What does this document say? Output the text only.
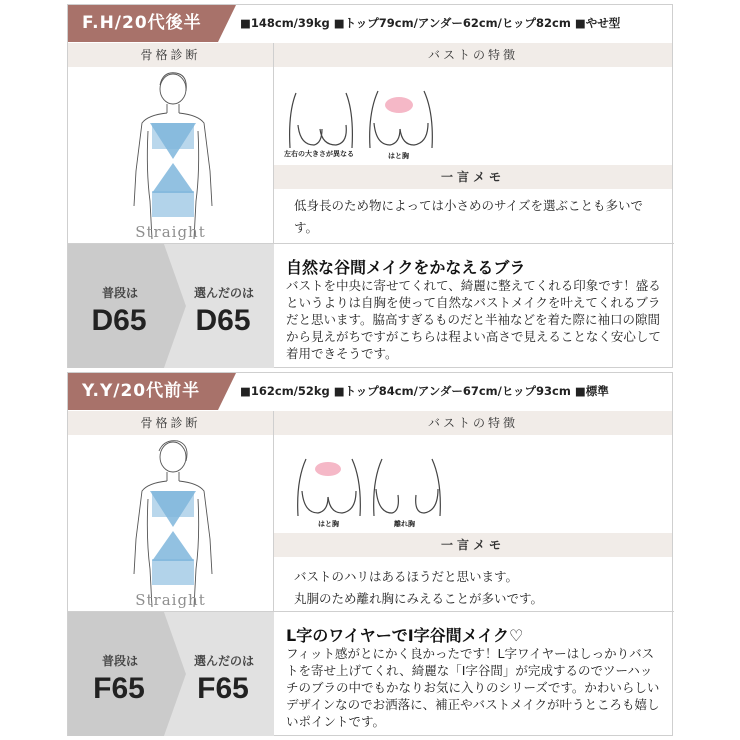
F.H/20代後半	■148cm/39kg ■トップ79cm/アンダー62cm/ヒップ82cm ■やせ型
骨格診断	バストの特徴
Straight
左右の大きさが異なる	はと胸
一言メモ
低身長のため物によっては小さめのサイズを選ぶことも多いです。
普段は
D65
選んだのは
D65
自然な谷間メイクをかなえるブラ
バストを中央に寄せてくれて、綺麗に整えてくれる印象です！盛るというよりは自胸を使って自然なバストメイクを叶えてくれるブラだと思います。脇高すぎるものだと半袖などを着た際に袖口の隙間から見えがちですがこちらは程よい高さで見えることなく安心して着用できそうです。
Y.Y/20代前半	■162cm/52kg ■トップ84cm/アンダー67cm/ヒップ93cm ■標準
骨格診断	バストの特徴
Straight
はと胸	離れ胸
一言メモ
バストのハリはあるほうだと思います。
丸胴のため離れ胸にみえることが多いです。
普段は
F65
選んだのは
F65
L字のワイヤーでI字谷間メイク♡
フィット感がとにかく良かったです！L字ワイヤーはしっかりバストを寄せ上げてくれ、綺麗な「I字谷間」が完成するのでツーハッチのブラの中でもかなりお気に入りのシリーズです。かわいらしいデザインなのでお洒落に、補正やバストメイクが叶うところも嬉しいポイントです。
